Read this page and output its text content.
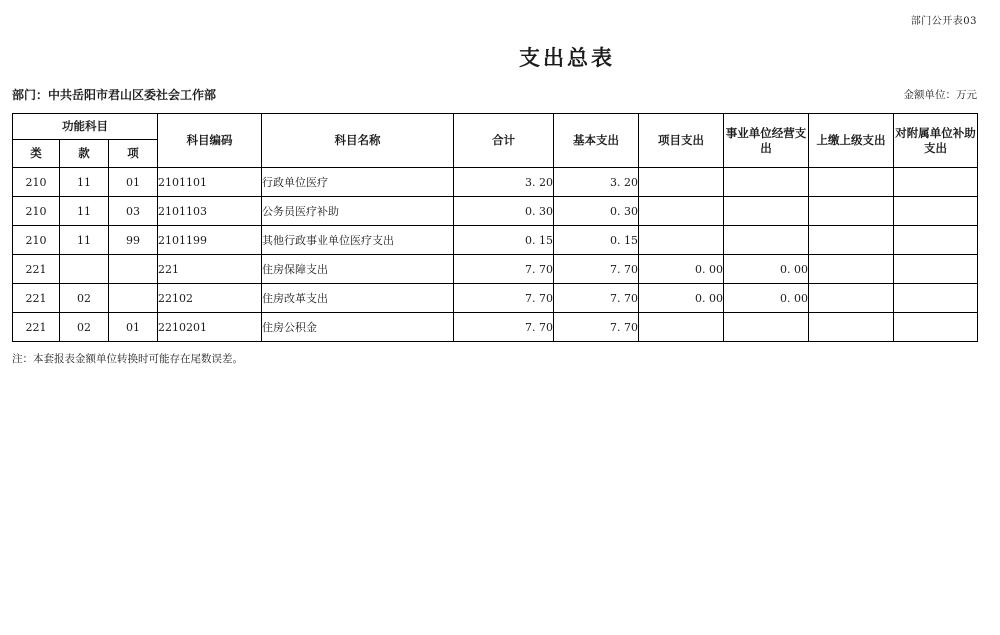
部门公开表03
支出总表
部门：中共岳阳市君山区委社会工作部	金额单位：万元
功能科目			科目编码	科目名称	合计	基本支出	项目支出	事业单位经营支出	上缴上级支出	对附属单位补助支出
类	款	项								
210	11	01	2101101	行政单位医疗	3. 20	3. 20				
210	11	03	2101103	公务员医疗补助	0. 30	0. 30				
210	11	99	2101199	其他行政事业单位医疗支出	0. 15	0. 15				
221			221	住房保障支出	7. 70	7. 70	0. 00	0. 00		
221	02		22102	住房改革支出	7. 70	7. 70	0. 00	0. 00		
221	02	01	2210201	住房公积金	7. 70	7. 70				
注：本套报表金额单位转换时可能存在尾数误差。
